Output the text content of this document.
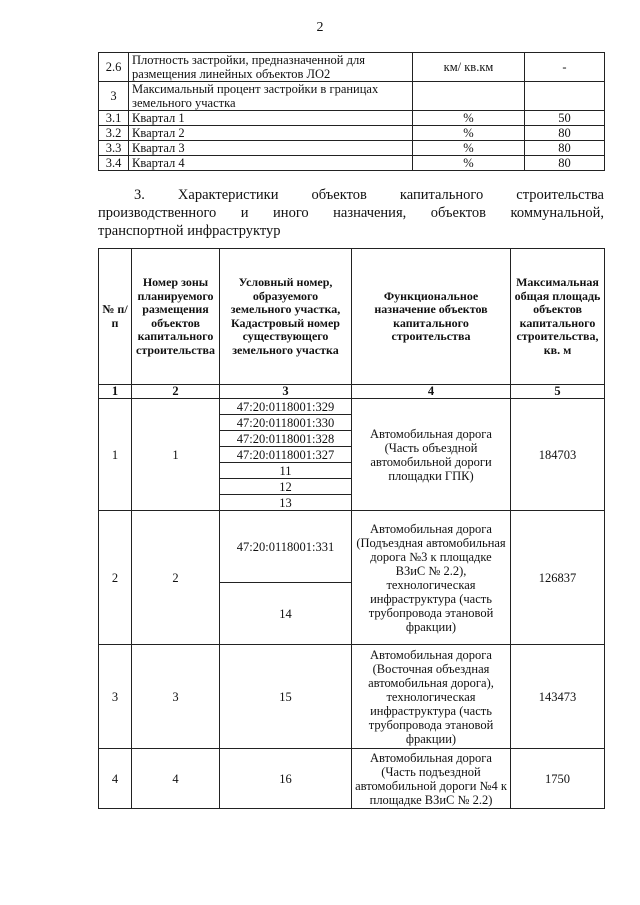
2
2.6	Плотность застройки, предназначенной для размещения линейных объектов ЛО2	км/ кв.км	-
3	Максимальный процент застройки в границах земельного участка		
3.1	Квартал 1	%	50
3.2	Квартал 2	%	80
3.3	Квартал 3	%	80
3.4	Квартал 4	%	80

3. Характеристики объектов капитального строительства

производственного и иного назначения, объектов коммунальной,

транспортной инфраструктур

№ п/п	Номер зоны планируемого размещения объектов капитального строительства	Условный номер, образуемого земельного участка, Кадастровый номер существующего земельного участка	Функциональное назначение объектов капитального строительства	Максимальная общая площадь объектов капитального строительства, кв. м
1	2	3	4	5
1	1	47:20:0118001:329	Автомобильная дорога (Часть объездной автомобильной дороги площадки ГПК)	184703
		47:20:0118001:330		
		47:20:0118001:328		
		47:20:0118001:327		
		11		
		12		
		13		
2	2	47:20:0118001:331	Автомобильная дорога (Подъездная автомобильная дорога №3 к площадке ВЗиС № 2.2), технологическая инфраструктура (часть трубопровода этановой фракции)	126837
		14		
3	3	15	Автомобильная дорога (Восточная объездная автомобильная дорога), технологическая инфраструктура (часть трубопровода этановой фракции)	143473
4	4	16	Автомобильная дорога (Часть подъездной автомобильной дороги №4 к площадке ВЗиС № 2.2)	1750
